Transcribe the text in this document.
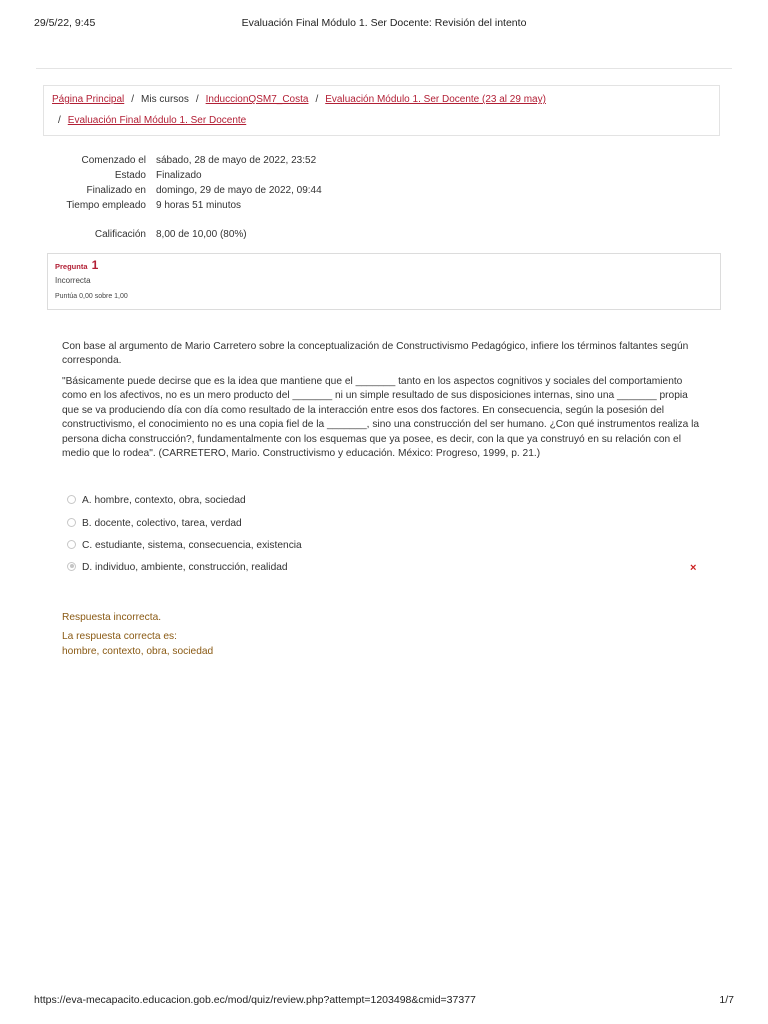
29/5/22, 9:45	Evaluación Final Módulo 1. Ser Docente: Revisión del intento
Página Principal / Mis cursos / InduccionQSM7_Costa / Evaluación Módulo 1. Ser Docente (23 al 29 may)
/ Evaluación Final Módulo 1. Ser Docente
Comenzado el sábado, 28 de mayo de 2022, 23:52
Estado Finalizado
Finalizado en domingo, 29 de mayo de 2022, 09:44
Tiempo empleado 9 horas 51 minutos
Calificación 8,00 de 10,00 (80%)
Pregunta 1
Incorrecta
Puntúa 0,00 sobre 1,00
Con base al argumento de Mario Carretero sobre la conceptualización de Constructivismo Pedagógico, infiere los términos faltantes según corresponda.
"Básicamente puede decirse que es la idea que mantiene que el _______ tanto en los aspectos cognitivos y sociales del comportamiento como en los afectivos, no es un mero producto del _______ ni un simple resultado de sus disposiciones internas, sino una _______ propia que se va produciendo día con día como resultado de la interacción entre esos dos factores. En consecuencia, según la posesión del constructivismo, el conocimiento no es una copia fiel de la _______, sino una construcción del ser humano. ¿Con qué instrumentos realiza la persona dicha construcción?, fundamentalmente con los esquemas que ya posee, es decir, con la que ya construyó en su relación con el medio que lo rodea". (CARRETERO, Mario. Constructivismo y educación. México: Progreso, 1999, p. 21.)
A. hombre, contexto, obra, sociedad
B. docente, colectivo, tarea, verdad
C. estudiante, sistema, consecuencia, existencia
D. individuo, ambiente, construcción, realidad	×
Respuesta incorrecta.
La respuesta correcta es:
hombre, contexto, obra, sociedad
https://eva-mecapacito.educacion.gob.ec/mod/quiz/review.php?attempt=1203498&cmid=37377	1/7
